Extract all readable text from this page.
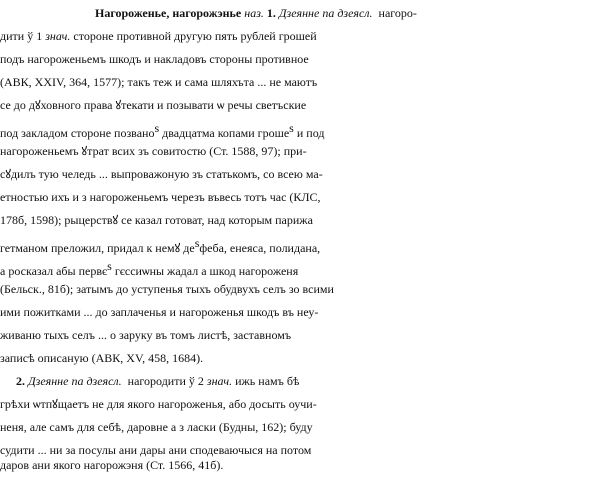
Нагороженье, нагорожэнье наз. 1. Дзеянне па дзеясл.  нагоро-
дити ў 1 знач. стороне противной другую пять рублей грошей
подъ нагороженьемъ шкодъ и накладовъ стороны противное
(АВК, XXIV, 364, 1577); такъ теж и сама шляхъта ... не маютъ
се до дꙋховного права ꙋтекати и позывати ѡ речы светъские
под закладом стороне позвано$^s$ двадцатма копами гроше$^s$ и под
нагороженьемъ ꙋтрат всих зъ совитостю (Ст. 1588, 97); при-
сꙋдилъ тую челедь ... выпроважоную зъ статькомъ, со всею ма-
етностью ихъ и з нагороженьемъ черезъ въвесь тотъ час (КЛС,
178б, 1598); рыцерствꙋ се казал готоват, над которым парижа
гетманом преложил, придал к немꙋ $де^sфеба$, енеяса, полидана,
а росказал абы первє$^s$ гєссиѡны жадал а шкод нагороженя
(Бельск., 81б); затымъ до уступенья тыхъ обудвухъ селъ зо всими
ими пожитками ... до заплаченья и нагороженья шкодъ въ неу-
живаню тыхъ селъ ... о заруку въ томъ листѣ, заставномъ
записѣ описаную (АВК, XV, 458, 1684).
2. Дзеянне па дзеясл.  нагородити ў 2 знач. ижь намъ бѣ
грѣхи ѡтпꙋщаетъ не для якого нагороженья, або досыть оучи-
неня, але самъ для себѣ, даровне а з ласки (Будны, 162); буду
судити ... ни за посулы ани дары ани сподеваючыся на потом
даров ани якого нагорожэня (Ст. 1566, 41б).
